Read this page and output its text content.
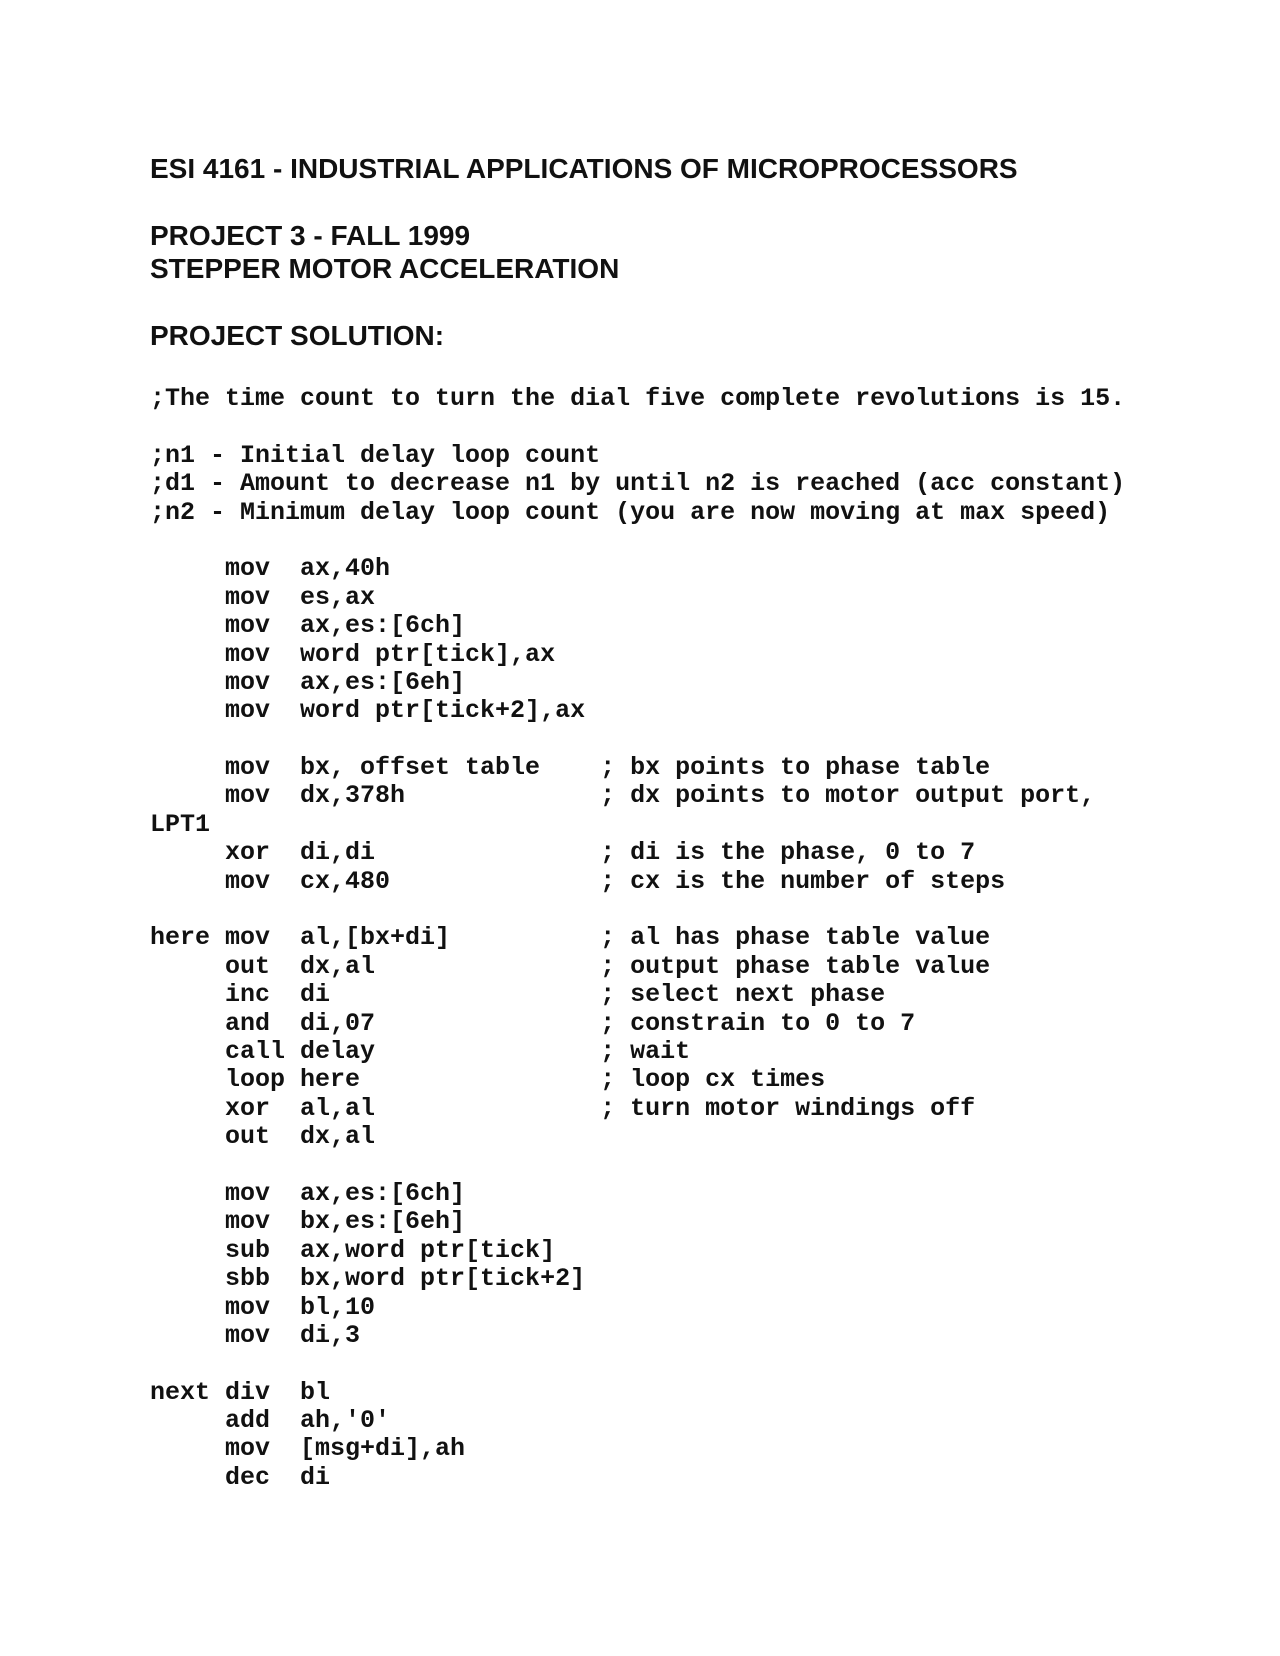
ESI 4161 - INDUSTRIAL APPLICATIONS OF MICROPROCESSORS
PROJECT 3 - FALL 1999
STEPPER MOTOR ACCELERATION
PROJECT SOLUTION:
;The time count to turn the dial five complete revolutions is 15.
;n1 - Initial delay loop count
;d1 - Amount to decrease n1 by until n2 is reached (acc constant)
;n2 - Minimum delay loop count (you are now moving at max speed)
mov  ax,40h
mov  es,ax
mov  ax,es:[6ch]
mov  word ptr[tick],ax
mov  ax,es:[6eh]
mov  word ptr[tick+2],ax
mov  bx, offset table    ; bx points to phase table
mov  dx,378h             ; dx points to motor output port,
LPT1
xor  di,di               ; di is the phase, 0 to 7
mov  cx,480              ; cx is the number of steps
here mov  al,[bx+di]          ; al has phase table value
out  dx,al               ; output phase table value
inc  di                  ; select next phase
and  di,07               ; constrain to 0 to 7
call delay               ; wait
loop here                ; loop cx times
xor  al,al               ; turn motor windings off
out  dx,al
mov  ax,es:[6ch]
mov  bx,es:[6eh]
sub  ax,word ptr[tick]
sbb  bx,word ptr[tick+2]
mov  bl,10
mov  di,3
next div  bl
add  ah,'0'
mov  [msg+di],ah
dec  di
